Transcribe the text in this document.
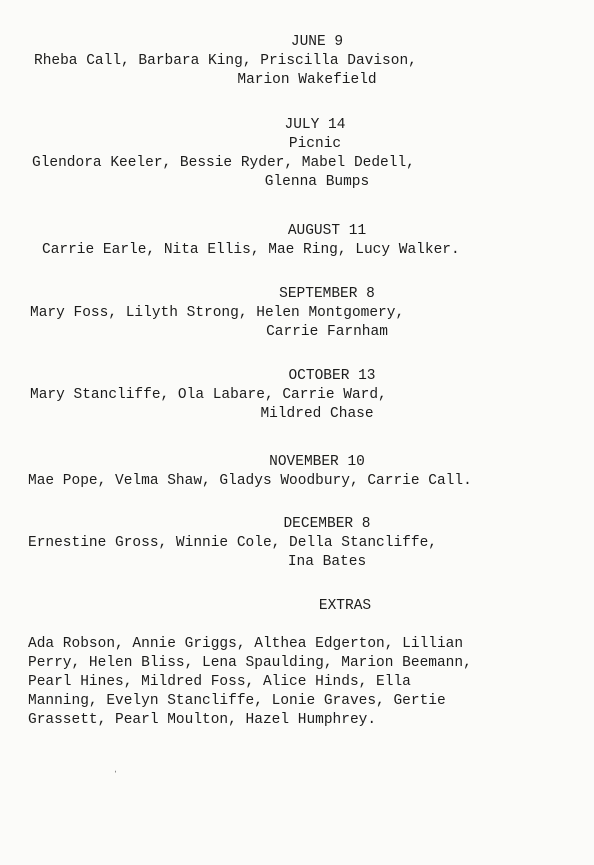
JUNE 9
Rheba Call, Barbara King, Priscilla Davison,
Marion Wakefield
JULY 14
Picnic
Glendora Keeler, Bessie Ryder, Mabel Dedell,
Glenna Bumps
AUGUST 11
Carrie Earle, Nita Ellis, Mae Ring, Lucy Walker.
SEPTEMBER 8
Mary Foss, Lilyth Strong, Helen Montgomery,
Carrie Farnham
OCTOBER 13
Mary Stancliffe, Ola Labare, Carrie Ward,
Mildred Chase
NOVEMBER 10
Mae Pope, Velma Shaw, Gladys Woodbury, Carrie Call.
DECEMBER 8
Ernestine Gross, Winnie Cole, Della Stancliffe,
Ina Bates
EXTRAS
Ada Robson, Annie Griggs, Althea Edgerton, Lillian
Perry, Helen Bliss, Lena Spaulding, Marion Beemann,
Pearl Hines, Mildred Foss, Alice Hinds, Ella
Manning, Evelyn Stancliffe, Lonie Graves, Gertie
Grassett, Pearl Moulton, Hazel Humphrey.
ˈ
